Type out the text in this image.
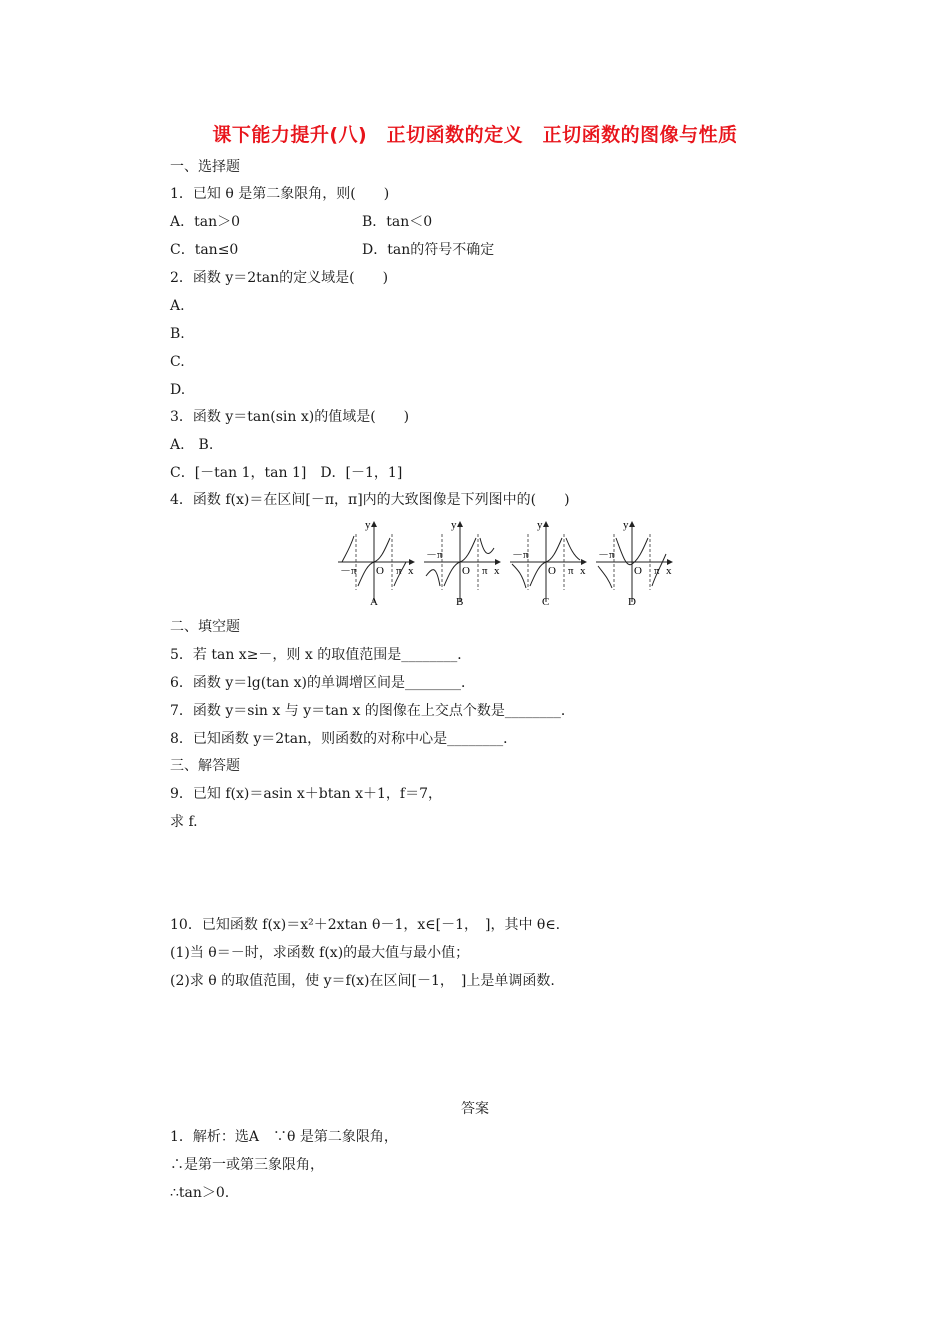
课下能力提升(八)　正切函数的定义　正切函数的图像与性质
一、选择题
1．已知 θ 是第二象限角，则(　　)
A．tan＞0	B．tan＜0
C．tan≤0	D．tan的符号不确定
2．函数 y＝2tan的定义域是(　　)
A.
B.
C.
D.
3．函数 y＝tan(sin x)的值域是(　　)
A.　B.
C．[－tan 1，tan 1]　D．[－1，1]
4．函数 f(x)＝在区间[－π，π]内的大致图像是下列图中的(　　)
y
x
O
－π	π
A
y
x
O
－π
π
B
y
x
O
－π
π
C
y
x
O
－π
π
D
二、填空题
5．若 tan x≥－，则 x 的取值范围是________．
6．函数 y＝lg(tan x)的单调增区间是________．
7．函数 y＝sin x 与 y＝tan x 的图像在上交点个数是________．
8．已知函数 y＝2tan，则函数的对称中心是________．
三、解答题
9．已知 f(x)＝asin x＋btan x＋1，f＝7，
求 f.
10．已知函数 f(x)＝x²＋2xtan θ－1，x∈[－1，　]，其中 θ∈.
(1)当 θ＝－时，求函数 f(x)的最大值与最小值；
(2)求 θ 的取值范围，使 y＝f(x)在区间[－1，　]上是单调函数.
答案
1．解析：选A　∵θ 是第二象限角，
∴是第一或第三象限角，
∴tan＞0.
